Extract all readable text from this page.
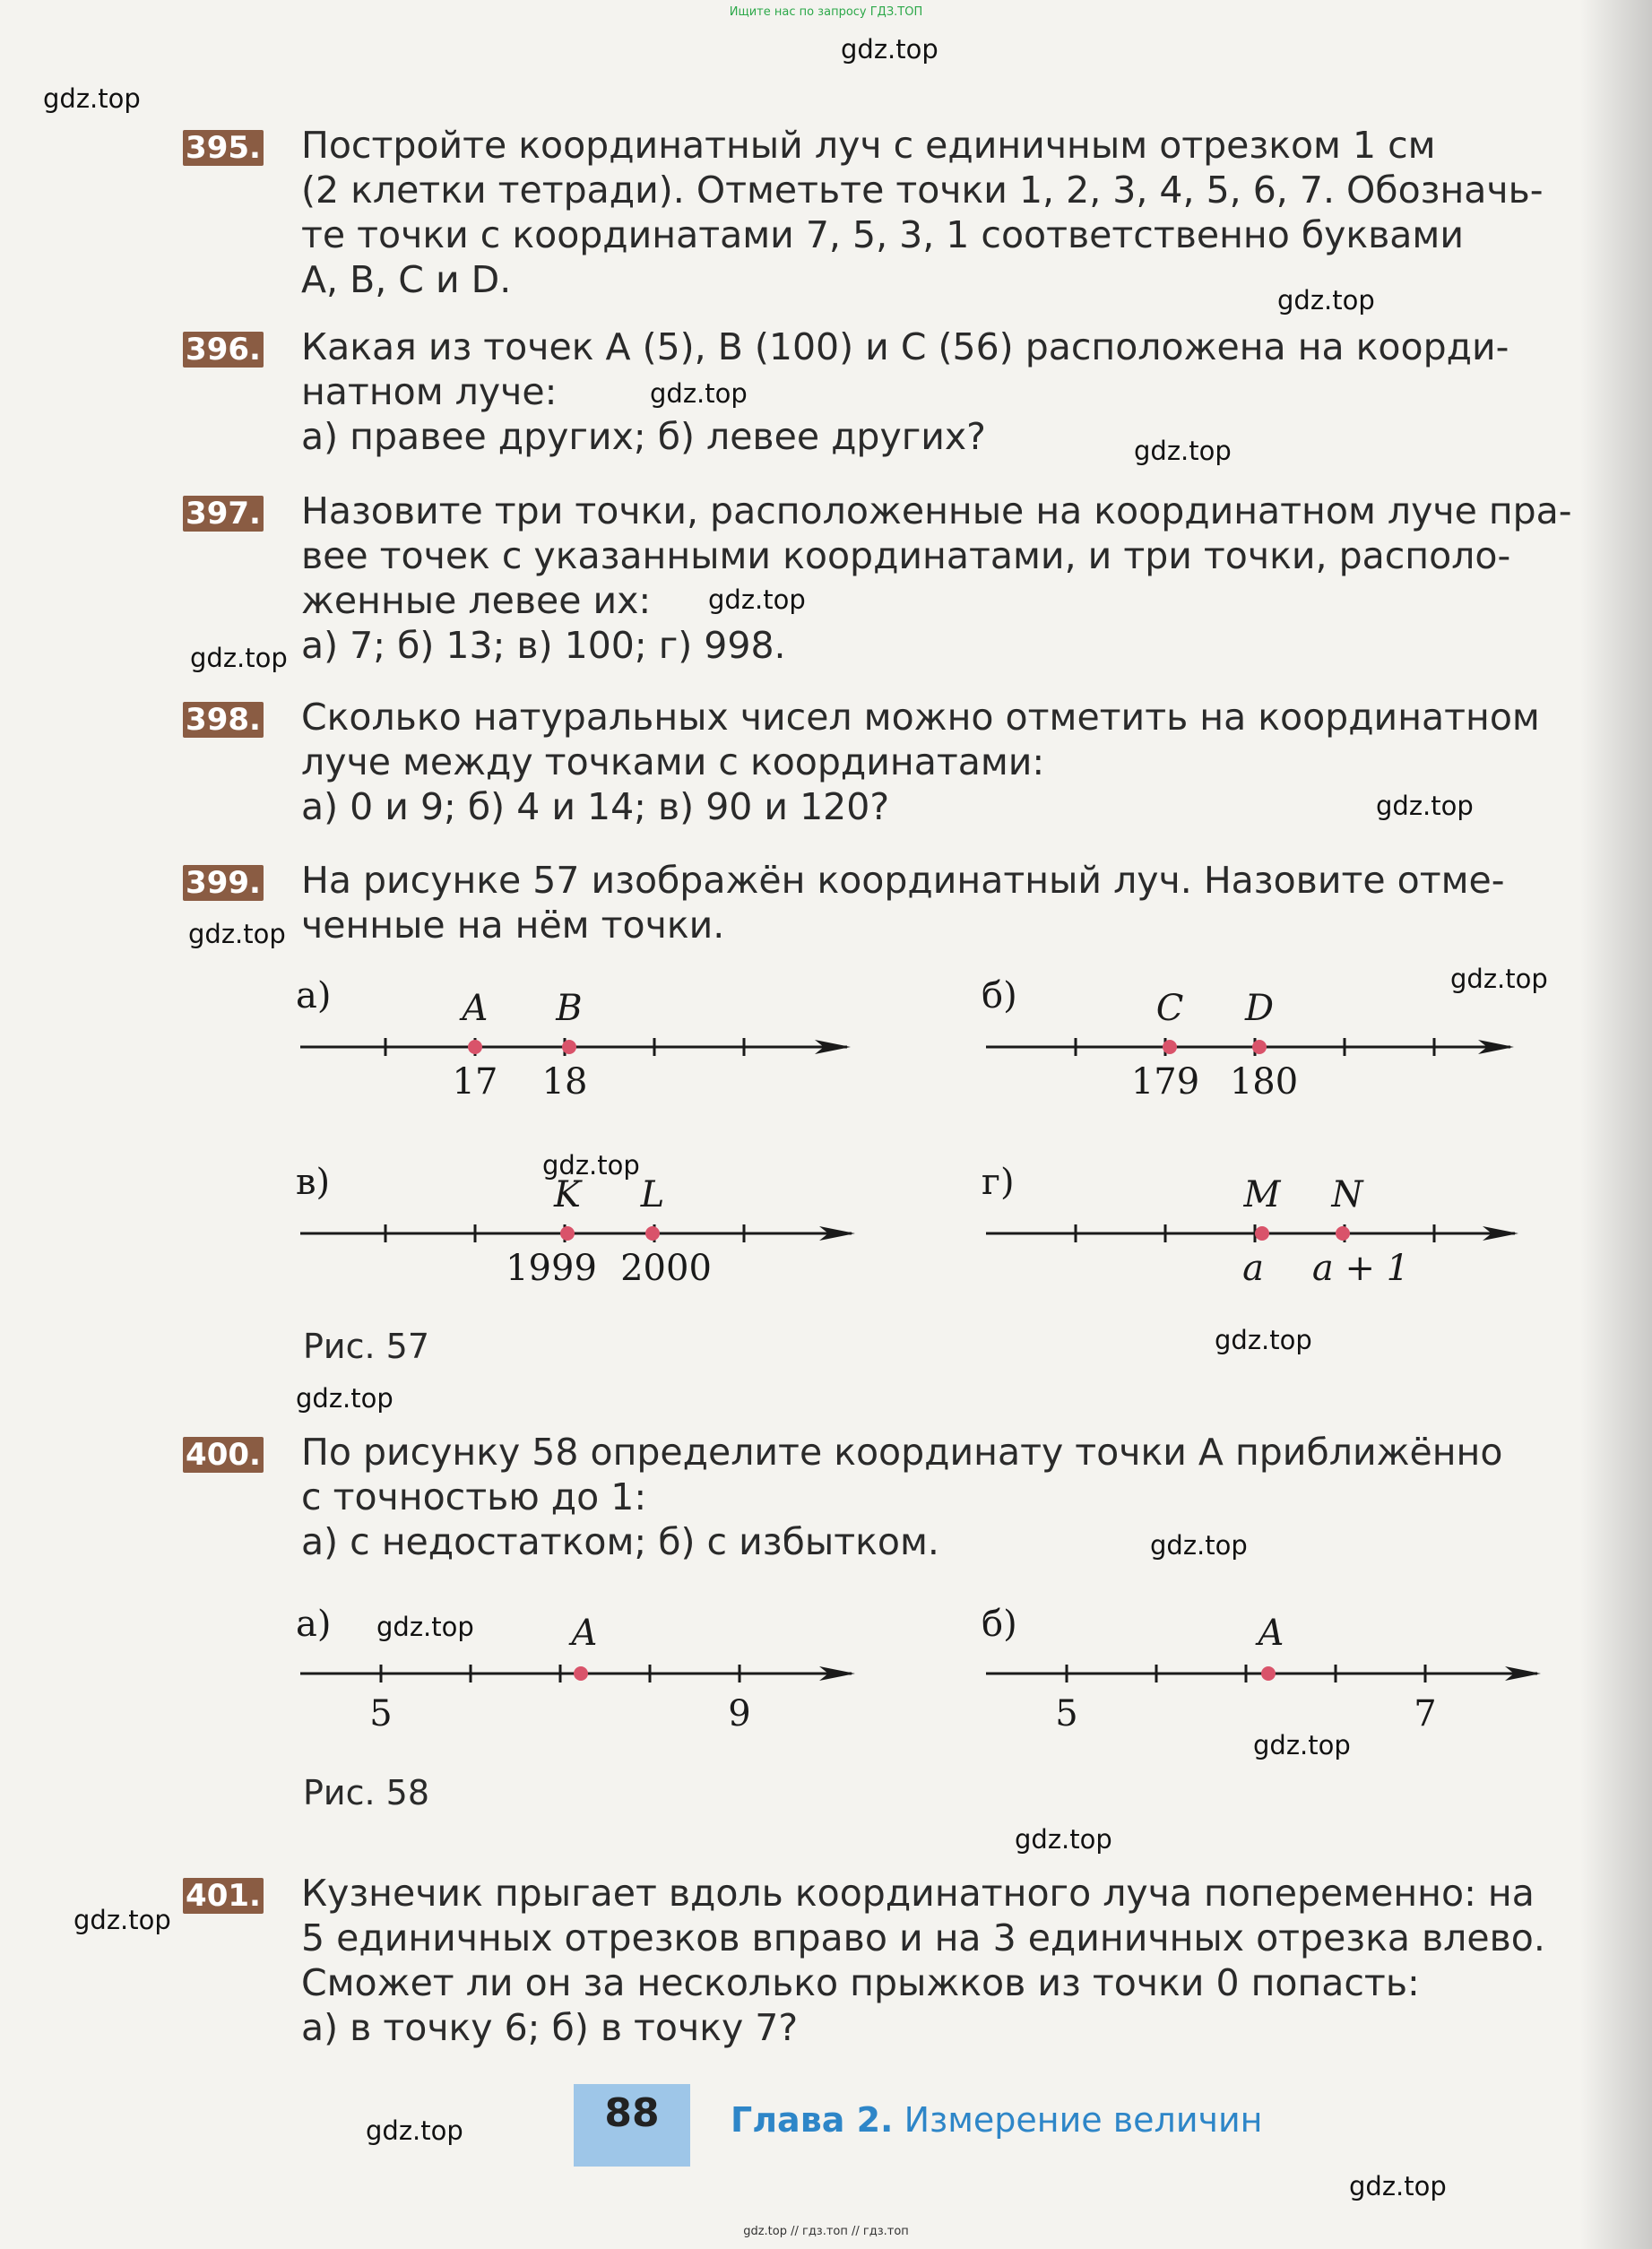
Ищите нас по запросу ГДЗ.ТОП
gdz.top
gdz.top
gdz.top
gdz.top
gdz.top
gdz.top
gdz.top
gdz.top
gdz.top
gdz.top
gdz.top
gdz.top
gdz.top
gdz.top
gdz.top
gdz.top
gdz.top
gdz.top
gdz.top
gdz.top
395. Постройте координатный луч с единичным отрезком 1 см
(2 клетки тетради). Отметьте точки 1, 2, 3, 4, 5, 6, 7. Обозначь-
те точки с координатами 7, 5, 3, 1 соответственно буквами
A, B, C и D.
396. Какая из точек A (5), B (100) и C (56) расположена на коорди-
натном луче:
а) правее других; б) левее других?
397. Назовите три точки, расположенные на координатном луче пра-
вее точек с указанными координатами, и три точки, располо-
женные левее их:
а) 7; б) 13; в) 100; г) 998.
398. Сколько натуральных чисел можно отметить на координатном
луче между точками с координатами:
а) 0 и 9; б) 4 и 14; в) 90 и 120?
399. На рисунке 57 изображён координатный луч. Назовите отме-
ченные на нём точки.
а)	A B
17 18
б)	C D
179 180
в)	K L
1999 2000
г)	M N
a a + 1
Рис. 57
400. По рисунку 58 определите координату точки A приближённо
с точностью до 1:
а) с недостатком; б) с избытком.
а)	A
5	9
б)	A
5	7
Рис. 58
401. Кузнечик прыгает вдоль координатного луча попеременно: на
5 единичных отрезков вправо и на 3 единичных отрезка влево.
Сможет ли он за несколько прыжков из точки 0 попасть:
а) в точку 6; б) в точку 7?
88	Глава 2. Измерение величин
gdz.top // гдз.топ // гдз.топ
